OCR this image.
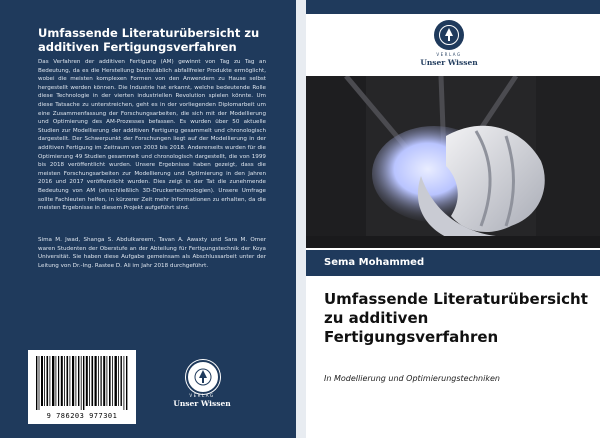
Umfassende Literaturübersicht zu additiven Fertigungsverfahren
Das Verfahren der additiven Fertigung (AM) gewinnt von Tag zu Tag an Bedeutung, da es die Herstellung buchstäblich abfallfreier Produkte ermöglicht, wobei die meisten komplexen Formen von den Anwendern zu Hause selbst hergestellt werden können. Die Industrie hat erkannt, welche bedeutende Rolle diese Technologie in der vierten industriellen Revolution spielen könnte. Um diese Tatsache zu unterstreichen, geht es in der vorliegenden Diplomarbeit um eine Zusammenfassung der Forschungsarbeiten, die sich mit der Modellierung und Optimierung des AM-Prozesses befassen. Es wurden über 50 aktuelle Studien zur Modellierung der additiven Fertigung gesammelt und chronologisch dargestellt. Der Schwerpunkt der Forschungen liegt auf der Modellierung in der additiven Fertigung im Zeitraum von 2003 bis 2018. Andererseits wurden für die Optimierung 49 Studien gesammelt und chronologisch dargestellt, die von 1999 bis 2018 veröffentlicht wurden. Unsere Ergebnisse haben gezeigt, dass die meisten Forschungsarbeiten zur Modellierung und Optimierung in den Jahren 2016 und 2017 veröffentlicht wurden. Dies zeigt in der Tat die zunehmende Bedeutung von AM (einschließlich 3D-Druckertechnologien). Unsere Umfrage sollte Fachleuten helfen, in kürzerer Zeit mehr Informationen zu erhalten, da die meisten Ergebnisse in diesem Projekt aufgeführt sind.
Sima M. Jwad, Shanga S. Abdulkareem, Tavan A. Awaxty und Sara M. Omer waren Studenten der Oberstufe an der Abteilung für Fertigungstechnik der Koya Universität. Sie haben diese Aufgabe gemeinsam als Abschlussarbeit unter der Leitung von Dr.-Ing. Rastee D. Ali im Jahr 2018 durchgeführt.
9 786203 977301
VERLAG
Unser Wissen
VERLAG
Unser Wissen
Sema Mohammed
Umfassende Literaturübersicht zu additiven Fertigungsverfahren
In Modellierung und Optimierungstechniken
